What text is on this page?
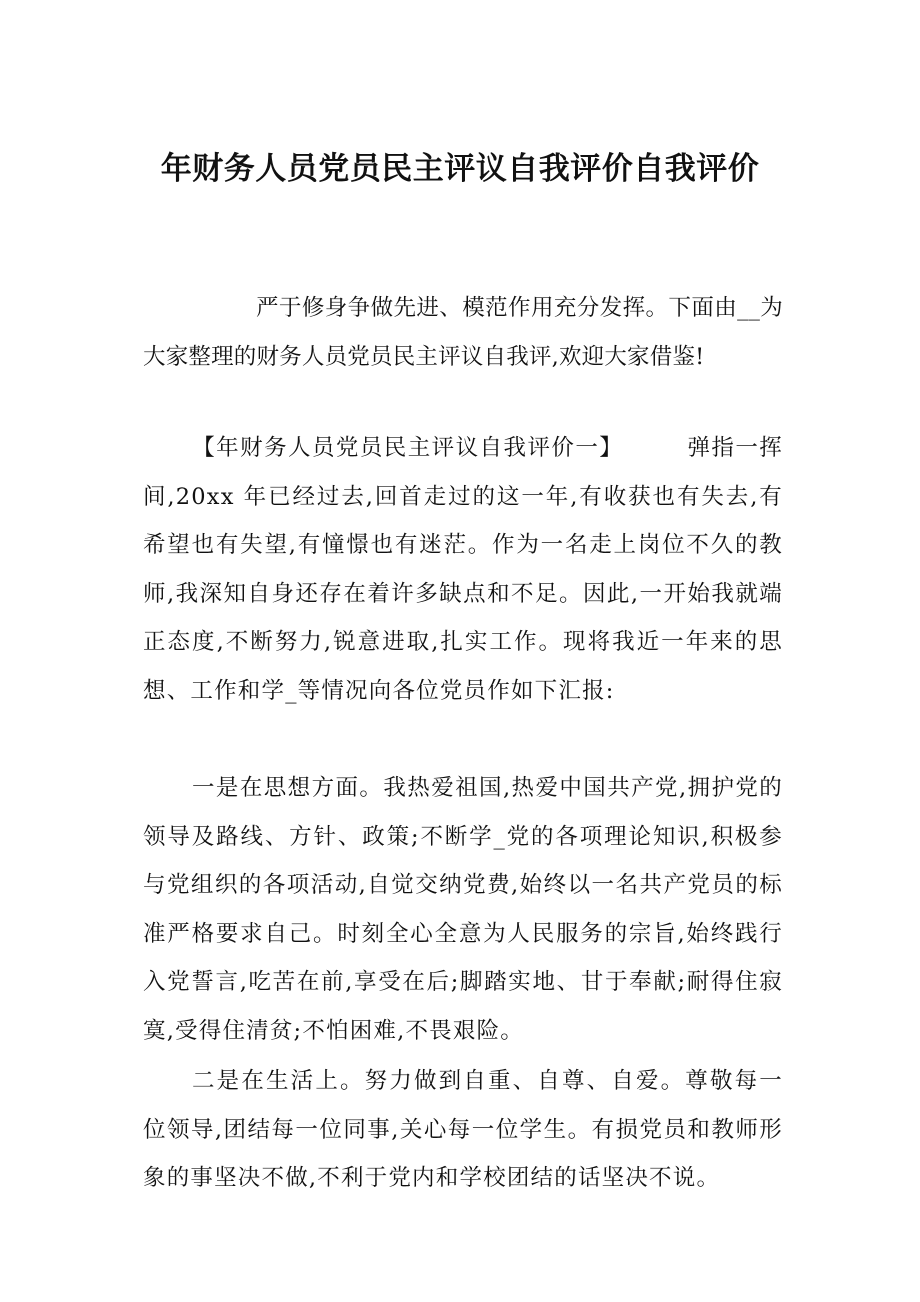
年财务人员党员民主评议自我评价自我评价

严于修身争做先进、模范作用充分发挥。下面由__为大家整理的财务人员党员民主评议自我评,欢迎大家借鉴!

【年财务人员党员民主评议自我评价一】	弹指一挥间,20xx 年已经过去,回首走过的这一年,有收获也有失去,有希望也有失望,有憧憬也有迷茫。作为一名走上岗位不久的教师,我深知自身还存在着许多缺点和不足。因此,一开始我就端正态度,不断努力,锐意进取,扎实工作。现将我近一年来的思想、工作和学_等情况向各位党员作如下汇报:

一是在思想方面。我热爱祖国,热爱中国共产党,拥护党的领导及路线、方针、政策;不断学_党的各项理论知识,积极参与党组织的各项活动,自觉交纳党费,始终以一名共产党员的标准严格要求自己。时刻全心全意为人民服务的宗旨,始终践行入党誓言,吃苦在前,享受在后;脚踏实地、甘于奉献;耐得住寂寞,受得住清贫;不怕困难,不畏艰险。

二是在生活上。努力做到自重、自尊、自爱。尊敬每一位领导,团结每一位同事,关心每一位学生。有损党员和教师形象的事坚决不做,不利于党内和学校团结的话坚决不说。
